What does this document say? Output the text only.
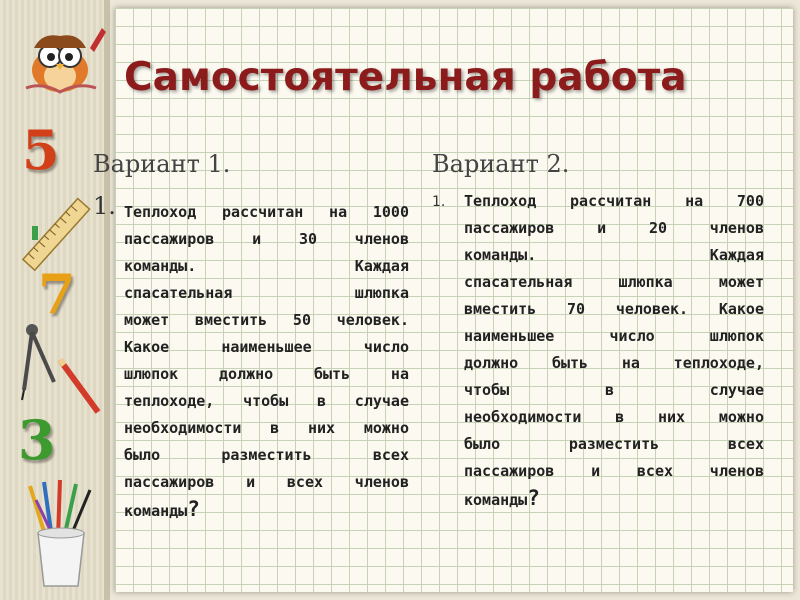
5
7
3
Самостоятельная работа
Вариант 1.
1. Теплоход рассчитан на 1000
пассажиров и 30 членов
команды. Каждая
спасательная шлюпка
может вместить 50 человек.
Какое наименьшее число
шлюпок должно быть на
теплоходе, чтобы в случае
необходимости в них можно
было разместить всех
пассажиров и всех членов
команды?
Вариант 2.
1. Теплоход рассчитан на 700
пассажиров и 20 членов
команды. Каждая
спасательная шлюпка может
вместить 70 человек. Какое
наименьшее число шлюпок
должно быть на теплоходе,
чтобы в случае
необходимости в них можно
было разместить всех
пассажиров и всех членов
команды?
